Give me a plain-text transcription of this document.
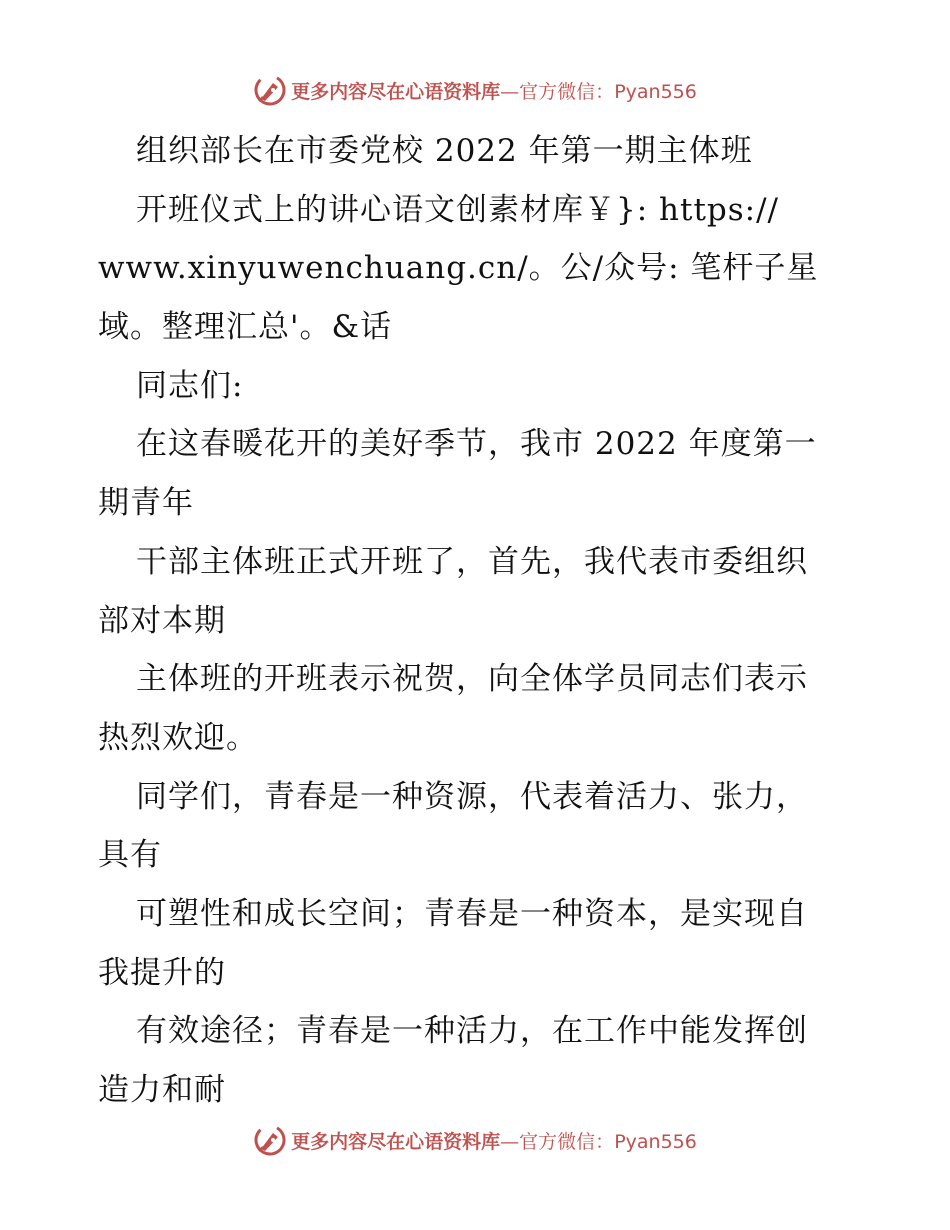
更多内容尽在心语资料库—官方微信：Pyan556
组织部长在市委党校 2022 年第一期主体班
开班仪式上的讲心语文创素材库￥}: https://
www.xinyuwenchuang.cn/。公/众号: 笔杆子星
域。整理汇总'。&话
同志们:
在这春暖花开的美好季节，我市 2022 年度第一
期青年
干部主体班正式开班了，首先，我代表市委组织
部对本期
主体班的开班表示祝贺，向全体学员同志们表示
热烈欢迎。
同学们，青春是一种资源，代表着活力、张力，
具有
可塑性和成长空间；青春是一种资本，是实现自
我提升的
有效途径；青春是一种活力，在工作中能发挥创
造力和耐
更多内容尽在心语资料库—官方微信：Pyan556
